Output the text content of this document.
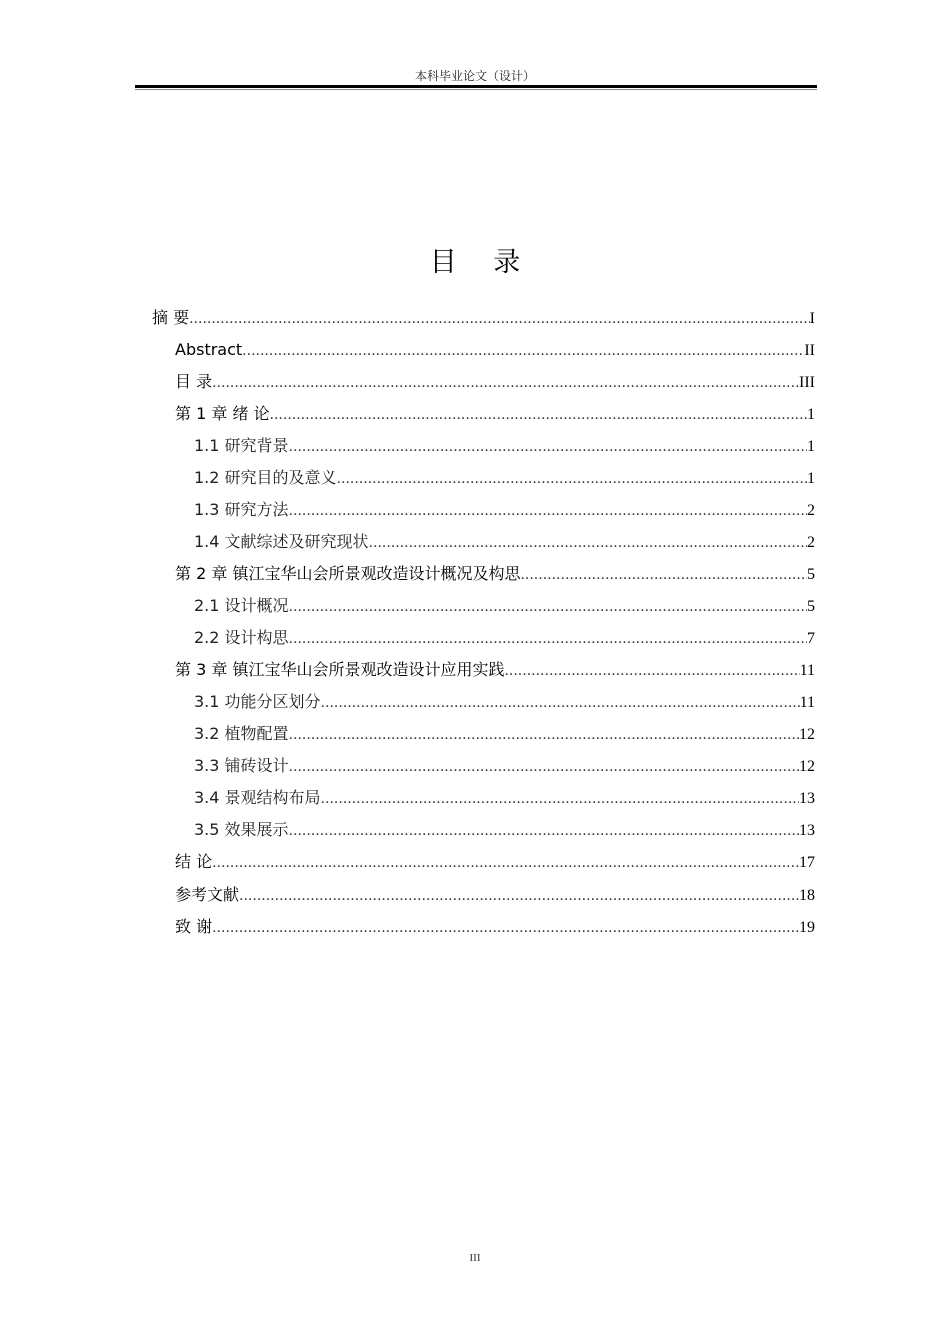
本科毕业论文（设计）
目 录
摘 要 .....	I
Abstract .....	II
目 录 .....	III
第 1 章 绪 论 .....	1
1.1 研究背景 .....	1
1.2 研究目的及意义 .....	1
1.3 研究方法 .....	2
1.4 文献综述及研究现状 .....	2
第 2 章 镇江宝华山会所景观改造设计概况及构思 .....	5
2.1 设计概况 .....	5
2.2 设计构思 .....	7
第 3 章 镇江宝华山会所景观改造设计应用实践 .....	11
3.1 功能分区划分 .....	11
3.2 植物配置 .....	12
3.3 铺砖设计 .....	12
3.4 景观结构布局 .....	13
3.5 效果展示 .....	13
结 论 .....	17
参考文献 .....	18
致 谢 .....	19
III
